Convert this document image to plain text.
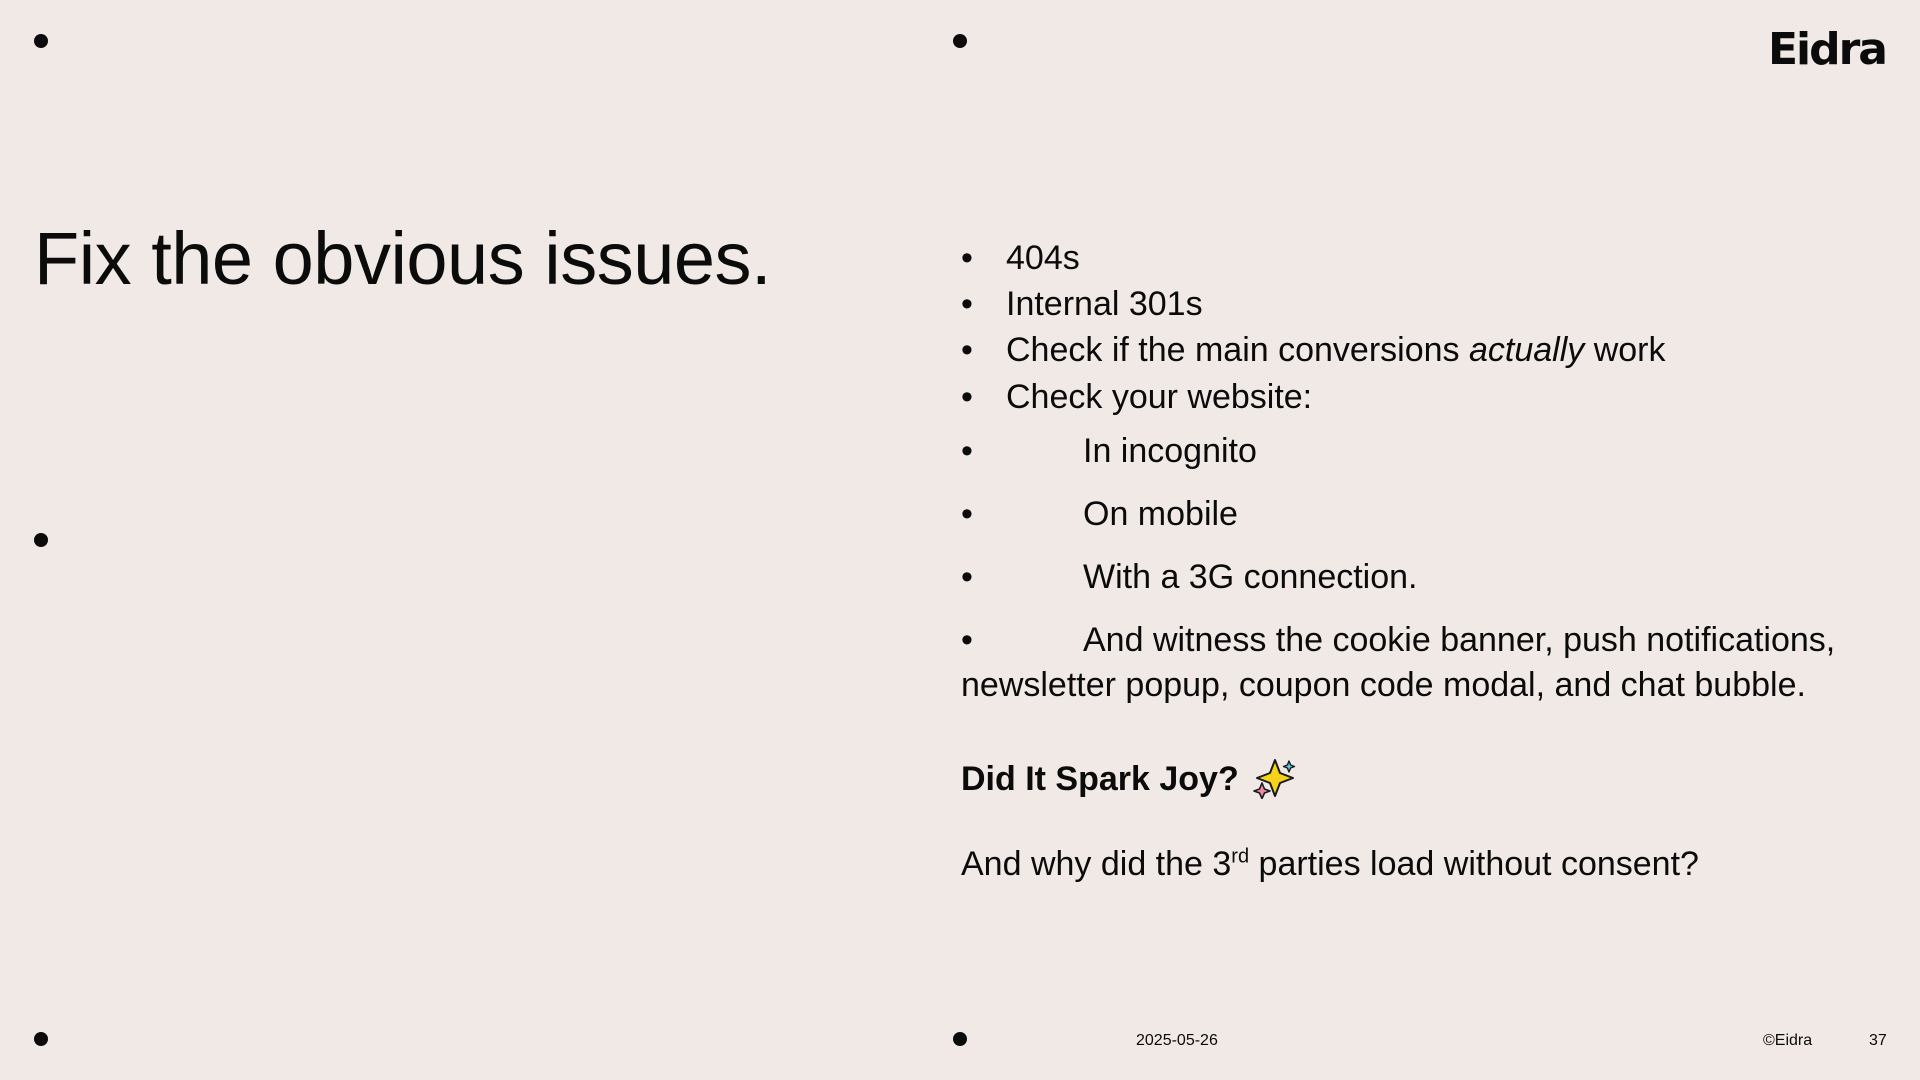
Eidra
Fix the obvious issues.
•	404s
• Internal 301s
• Check if the main conversions actually work
• Check your website:
•	In incognito
•	On mobile
•	With a 3G connection.
•	And witness the cookie banner, push notifications, newsletter popup, coupon code modal, and chat bubble.
Did It Spark Joy?
And why did the 3rd parties load without consent?
2025-05-26	©Eidra	37
